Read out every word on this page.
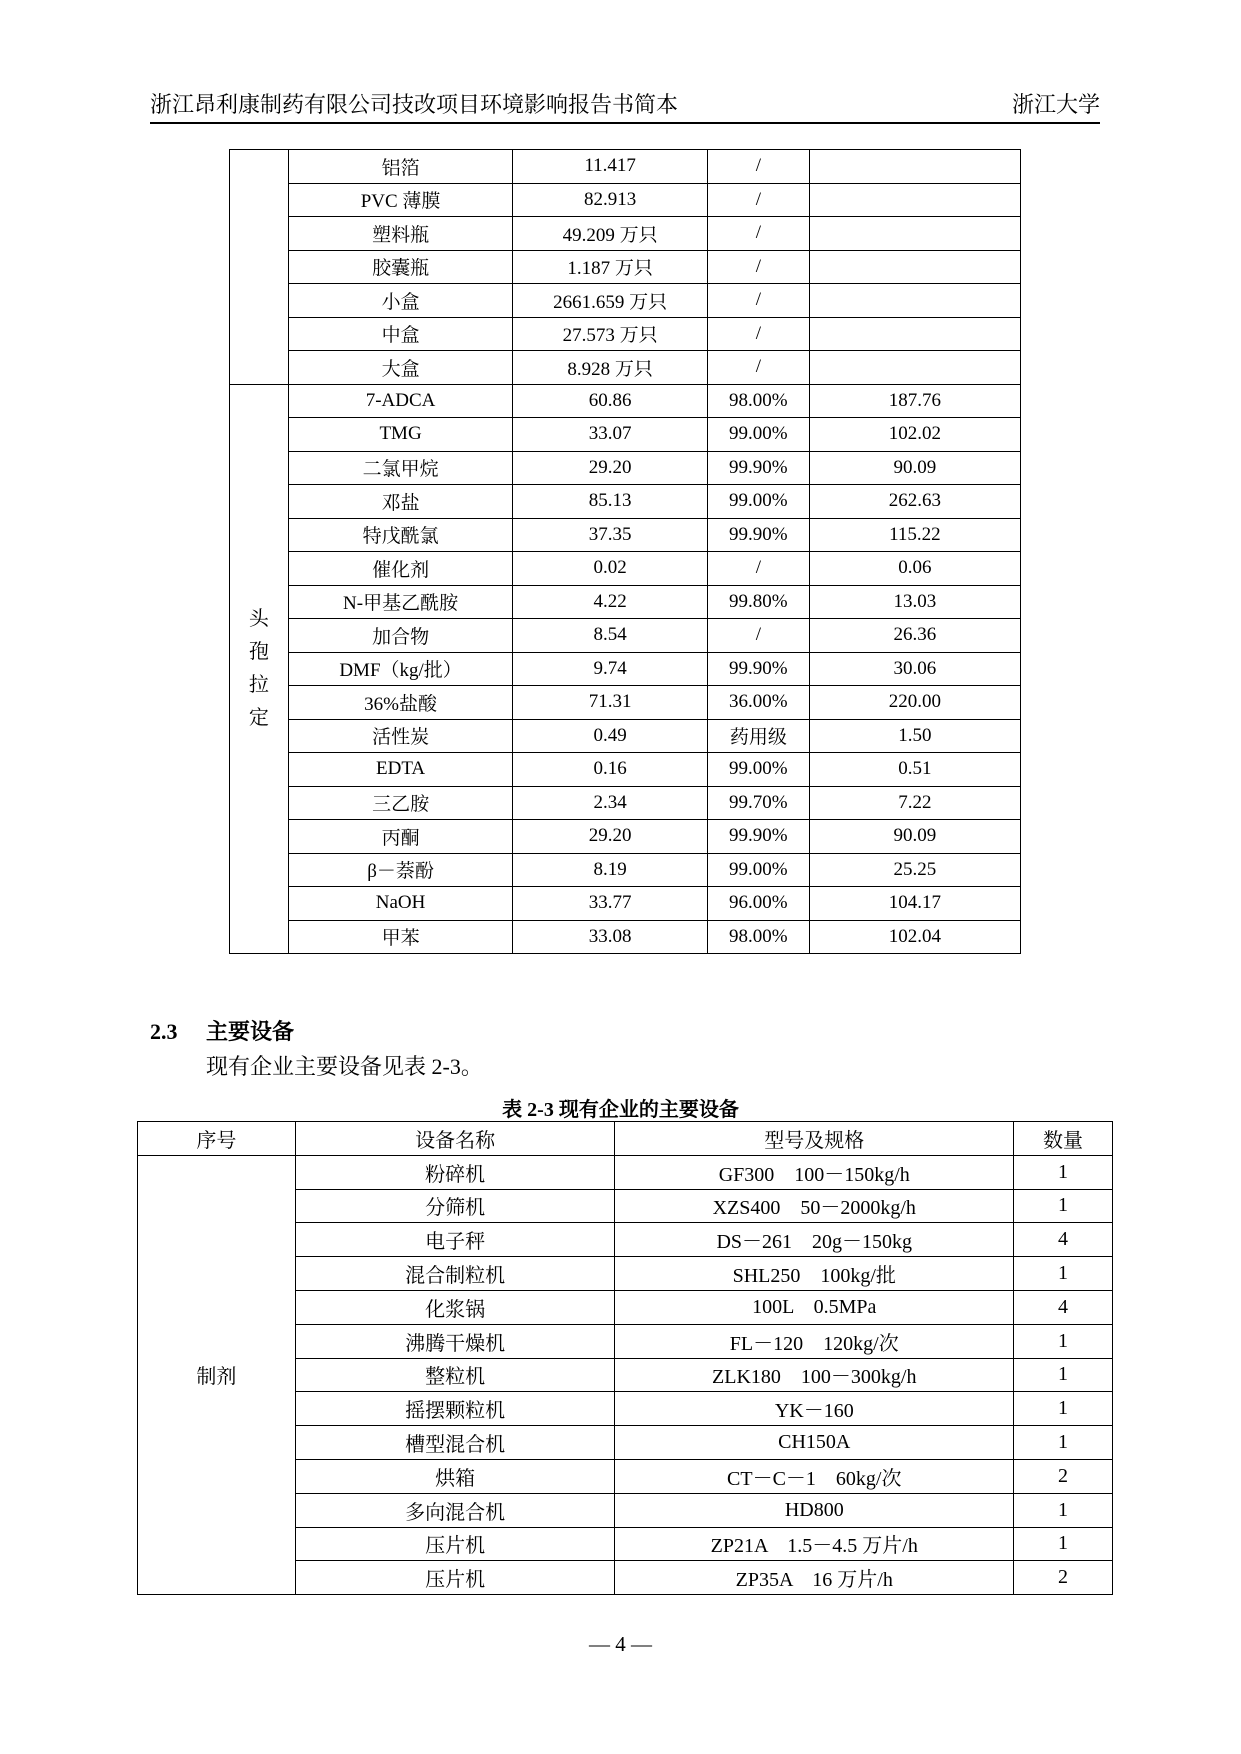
浙江昂利康制药有限公司技改项目环境影响报告书简本	浙江大学
	铝箔	11.417	/	
	PVC 薄膜	82.913	/	
	塑料瓶	49.209 万只	/	
	胶囊瓶	1.187 万只	/	
	小盒	2661.659 万只	/	
	中盒	27.573 万只	/	
	大盒	8.928 万只	/	

头
孢
拉
定	7-ADCA	60.86	98.00%	187.76
	TMG	33.07	99.00%	102.02
	二氯甲烷	29.20	99.90%	90.09
	邓盐	85.13	99.00%	262.63
	特戊酰氯	37.35	99.90%	115.22
	催化剂	0.02	/	0.06
	N-甲基乙酰胺	4.22	99.80%	13.03
	加合物	8.54	/	26.36
	DMF（kg/批）	9.74	99.90%	30.06
	36%盐酸	71.31	36.00%	220.00
	活性炭	0.49	药用级	1.50
	EDTA	0.16	99.00%	0.51
	三乙胺	2.34	99.70%	7.22
	丙酮	29.20	99.90%	90.09
	β－萘酚	8.19	99.00%	25.25
	NaOH	33.77	96.00%	104.17
	甲苯	33.08	98.00%	102.04
2.3 主要设备
现有企业主要设备见表 2-3。
表 2-3 现有企业的主要设备
序号	设备名称	型号及规格	数量
制剂	粉碎机	GF300    100－150kg/h	1
	分筛机	XZS400    50－2000kg/h	1
	电子秤	DS－261    20g－150kg	4
	混合制粒机	SHL250    100kg/批	1
	化浆锅	100L    0.5MPa	4
	沸腾干燥机	FL－120    120kg/次	1
	整粒机	ZLK180    100－300kg/h	1
	摇摆颗粒机	YK－160	1
	槽型混合机	CH150A	1
	烘箱	CT－C－1    60kg/次	2
	多向混合机	HD800	1
	压片机	ZP21A    1.5－4.5 万片/h	1
	压片机	ZP35A    16 万片/h	2
— 4 —
